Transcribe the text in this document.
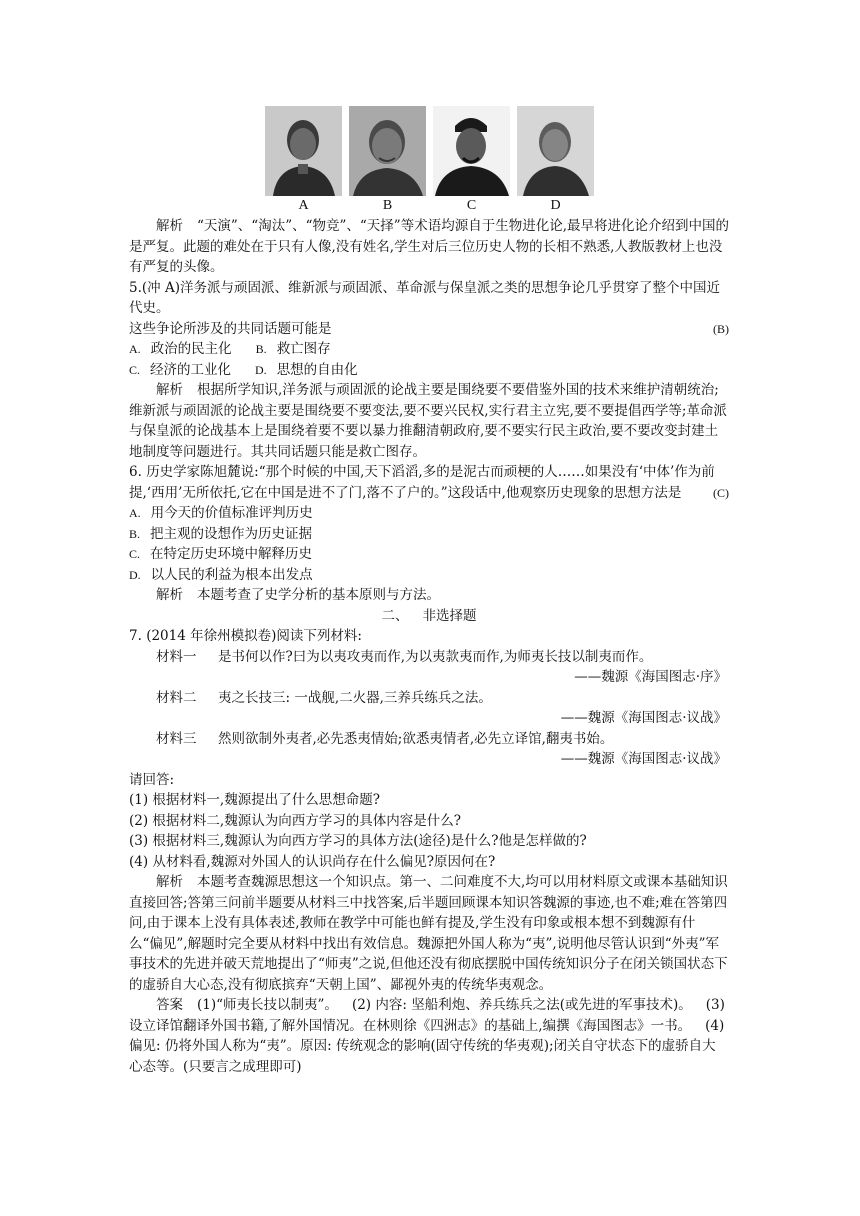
A	B	C	D

解析 “天演”、“淘汰”、“物竞”、“天择”等术语均源自于生物进化论,最早将进化论介绍到中国的是严复。此题的难处在于只有人像,没有姓名,学生对后三位历史人物的长相不熟悉,人教版教材上也没有严复的头像。

5.(冲 A)洋务派与顽固派、维新派与顽固派、革命派与保皇派之类的思想争论几乎贯穿了整个中国近代史。

这些争论所涉及的共同话题可能是	(B)

A. 政治的民主化 B. 救亡图存

C. 经济的工业化 D. 思想的自由化

解析 根据所学知识,洋务派与顽固派的论战主要是围绕要不要借鉴外国的技术来维护清朝统治;维新派与顽固派的论战主要是围绕要不要变法,要不要兴民权,实行君主立宪,要不要提倡西学等;革命派与保皇派的论战基本上是围绕着要不要以暴力推翻清朝政府,要不要实行民主政治,要不要改变封建土地制度等问题进行。其共同话题只能是救亡图存。

6. 历史学家陈旭麓说:“那个时候的中国,天下滔滔,多的是泥古而顽梗的人……如果没有‘中体’作为前

提,‘西用’无所依托,它在中国是进不了门,落不了户的。”这段话中,他观察历史现象的思想方法是	(C)

A. 用今天的价值标准评判历史

B. 把主观的设想作为历史证据

C. 在特定历史环境中解释历史

D. 以人民的利益为根本出发点

解析 本题考查了史学分析的基本原则与方法。

二、 非选择题

7. (2014 年徐州模拟卷)阅读下列材料:

材料一 是书何以作?曰为以夷攻夷而作,为以夷款夷而作,为师夷长技以制夷而作。

——魏源《海国图志·序》

材料二 夷之长技三: 一战舰,二火器,三养兵练兵之法。

——魏源《海国图志·议战》

材料三 然则欲制外夷者,必先悉夷情始;欲悉夷情者,必先立译馆,翻夷书始。

——魏源《海国图志·议战》

请回答:

(1) 根据材料一,魏源提出了什么思想命题?

(2) 根据材料二,魏源认为向西方学习的具体内容是什么?

(3) 根据材料三,魏源认为向西方学习的具体方法(途径)是什么?他是怎样做的?

(4) 从材料看,魏源对外国人的认识尚存在什么偏见?原因何在?

解析 本题考查魏源思想这一个知识点。第一、二问难度不大,均可以用材料原文或课本基础知识直接回答;答第三问前半题要从材料三中找答案,后半题回顾课本知识答魏源的事迹,也不难;难在答第四问,由于课本上没有具体表述,教师在教学中可能也鲜有提及,学生没有印象或根本想不到魏源有什么“偏见”,解题时完全要从材料中找出有效信息。魏源把外国人称为“夷”,说明他尽管认识到“外夷”军事技术的先进并破天荒地提出了“师夷”之说,但他还没有彻底摆脱中国传统知识分子在闭关锁国状态下的虚骄自大心态,没有彻底摈弃“天朝上国”、鄙视外夷的传统华夷观念。

答案 (1)“师夷长技以制夷”。 (2) 内容: 坚船利炮、养兵练兵之法(或先进的军事技术)。 (3) 设立译馆翻译外国书籍,了解外国情况。在林则徐《四洲志》的基础上,编撰《海国图志》一书。 (4) 偏见: 仍将外国人称为“夷”。原因: 传统观念的影响(固守传统的华夷观);闭关自守状态下的虚骄自大心态等。(只要言之成理即可)
